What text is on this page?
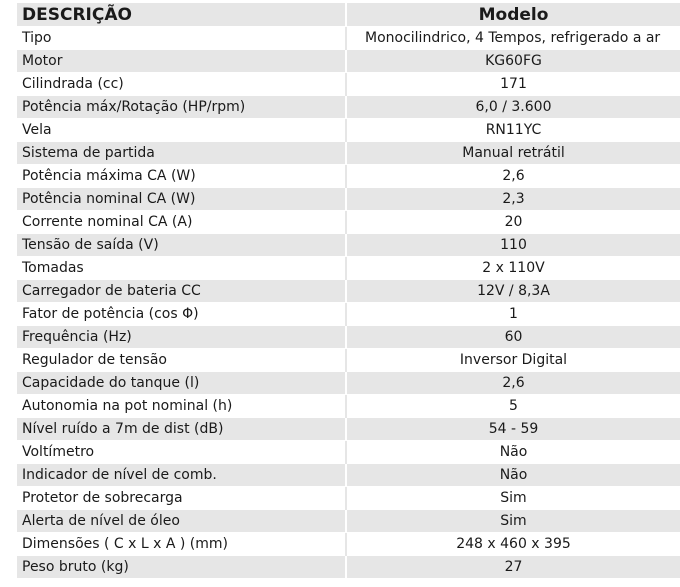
DESCRIÇÃO	Modelo
Tipo	Monocilindrico, 4 Tempos, refrigerado a ar
Motor	KG60FG
Cilindrada (cc)	171
Potência máx/Rotação (HP/rpm)	6,0 / 3.600
Vela	RN11YC
Sistema de partida	Manual retrátil
Potência máxima CA (W)	2,6
Potência nominal CA (W)	2,3
Corrente nominal CA (A)	20
Tensão de saída (V)	110
Tomadas	2 x 110V
Carregador de bateria CC	12V / 8,3A
Fator de potência (cos Φ)	1
Frequência (Hz)	60
Regulador de tensão	Inversor Digital
Capacidade do tanque (l)	2,6
Autonomia na pot nominal (h)	5
Nível ruído a 7m de dist (dB)	54 - 59
Voltímetro	Não
Indicador de nível de comb.	Não
Protetor de sobrecarga	Sim
Alerta de nível de óleo	Sim
Dimensões ( C x L x A ) (mm)	248 x 460 x 395
Peso bruto (kg)	27
